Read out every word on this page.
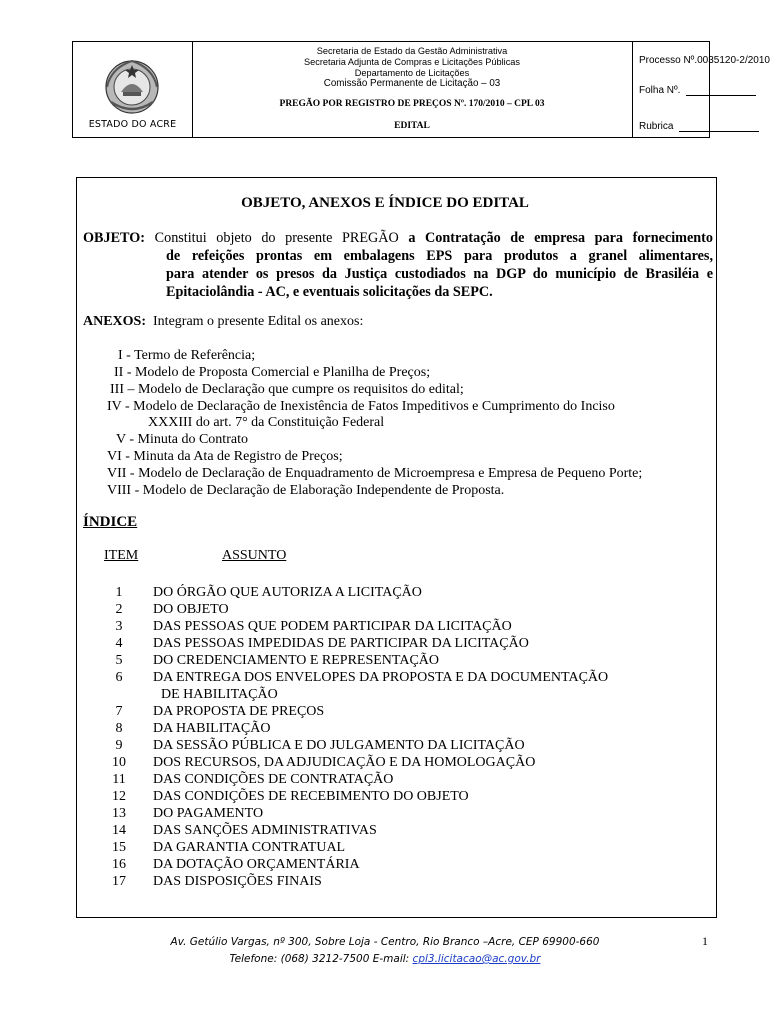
ESTADO DO ACRE
Secretaria de Estado da Gestão Administrativa
Secretaria Adjunta de Compras e Licitações Públicas
Departamento de Licitações
Comissão Permanente de Licitação – 03
PREGÃO POR REGISTRO DE PREÇOS Nº. 170/2010 – CPL 03
EDITAL
Processo Nº.0035120-2/2010
Folha Nº.
Rubrica
OBJETO, ANEXOS E ÍNDICE DO EDITAL
OBJETO: Constitui objeto do presente PREGÃO a Contratação de empresa para fornecimento
de refeições prontas em embalagens EPS para produtos a granel alimentares,
para atender os presos da Justiça custodiados na DGP do município de Brasiléia e
Epitaciolândia - AC, e eventuais solicitações da SEPC.
ANEXOS: Integram o presente Edital os anexos:
I - Termo de Referência;
II - Modelo de Proposta Comercial e Planilha de Preços;
III – Modelo de Declaração que cumpre os requisitos do edital;
IV - Modelo de Declaração de Inexistência de Fatos Impeditivos e Cumprimento do Inciso
XXXIII do art. 7° da Constituição Federal
V - Minuta do Contrato
VI - Minuta da Ata de Registro de Preços;
VII - Modelo de Declaração de Enquadramento de Microempresa e Empresa de Pequeno Porte;
VIII - Modelo de Declaração de Elaboração Independente de Proposta.
ÍNDICE
ITEM	ASSUNTO
1	DO ÓRGÃO QUE AUTORIZA A LICITAÇÃO
2	DO OBJETO
3	DAS PESSOAS QUE PODEM PARTICIPAR DA LICITAÇÃO
4	DAS PESSOAS IMPEDIDAS DE PARTICIPAR DA LICITAÇÃO
5	DO CREDENCIAMENTO E REPRESENTAÇÃO
6	DA ENTREGA DOS ENVELOPES DA PROPOSTA E DA DOCUMENTAÇÃO
DE HABILITAÇÃO
7	DA PROPOSTA DE PREÇOS
8	DA HABILITAÇÃO
9	DA SESSÃO PÚBLICA E DO JULGAMENTO DA LICITAÇÃO
10	DOS RECURSOS, DA ADJUDICAÇÃO E DA HOMOLOGAÇÃO
11	DAS CONDIÇÕES DE CONTRATAÇÃO
12	DAS CONDIÇÕES DE RECEBIMENTO DO OBJETO
13	DO PAGAMENTO
14	DAS SANÇÕES ADMINISTRATIVAS
15	DA GARANTIA CONTRATUAL
16	DA DOTAÇÃO ORÇAMENTÁRIA
17	DAS DISPOSIÇÕES FINAIS
Av. Getúlio Vargas, nº 300, Sobre Loja - Centro, Rio Branco –Acre, CEP 69900-660
Telefone: (068) 3212-7500 E-mail: cpl3.licitacao@ac.gov.br
1
